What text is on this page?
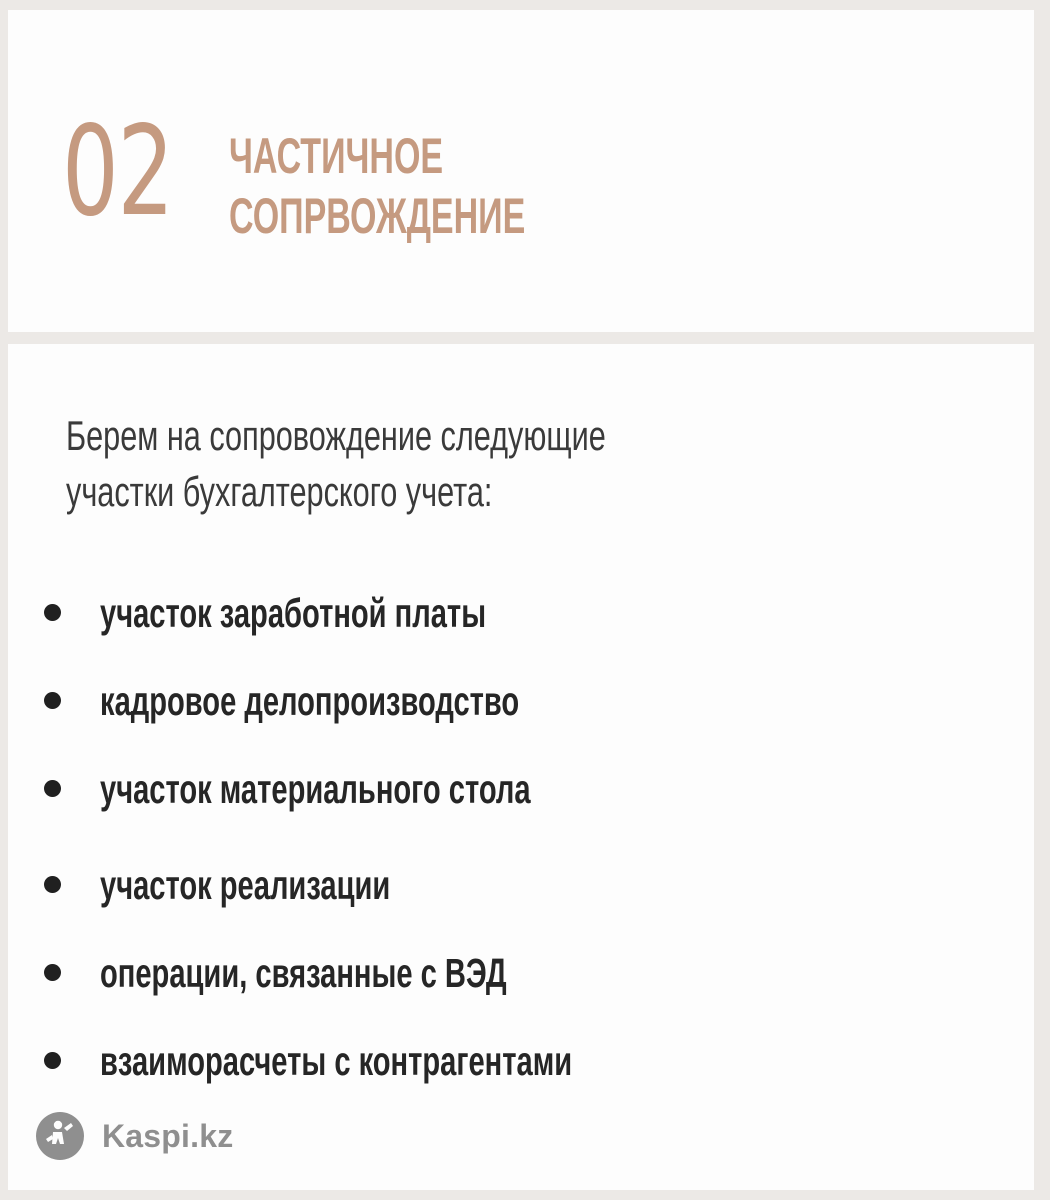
02 ЧАСТИЧНОЕ
СОПРВОЖДЕНИЕ
Берем на сопровождение следующие
участки бухгалтерского учета:
участок заработной платы
кадровое делопроизводство
участок материального стола
участок реализации
операции, связанные с ВЭД
взаиморасчеты с контрагентами
Kaspi.kz
